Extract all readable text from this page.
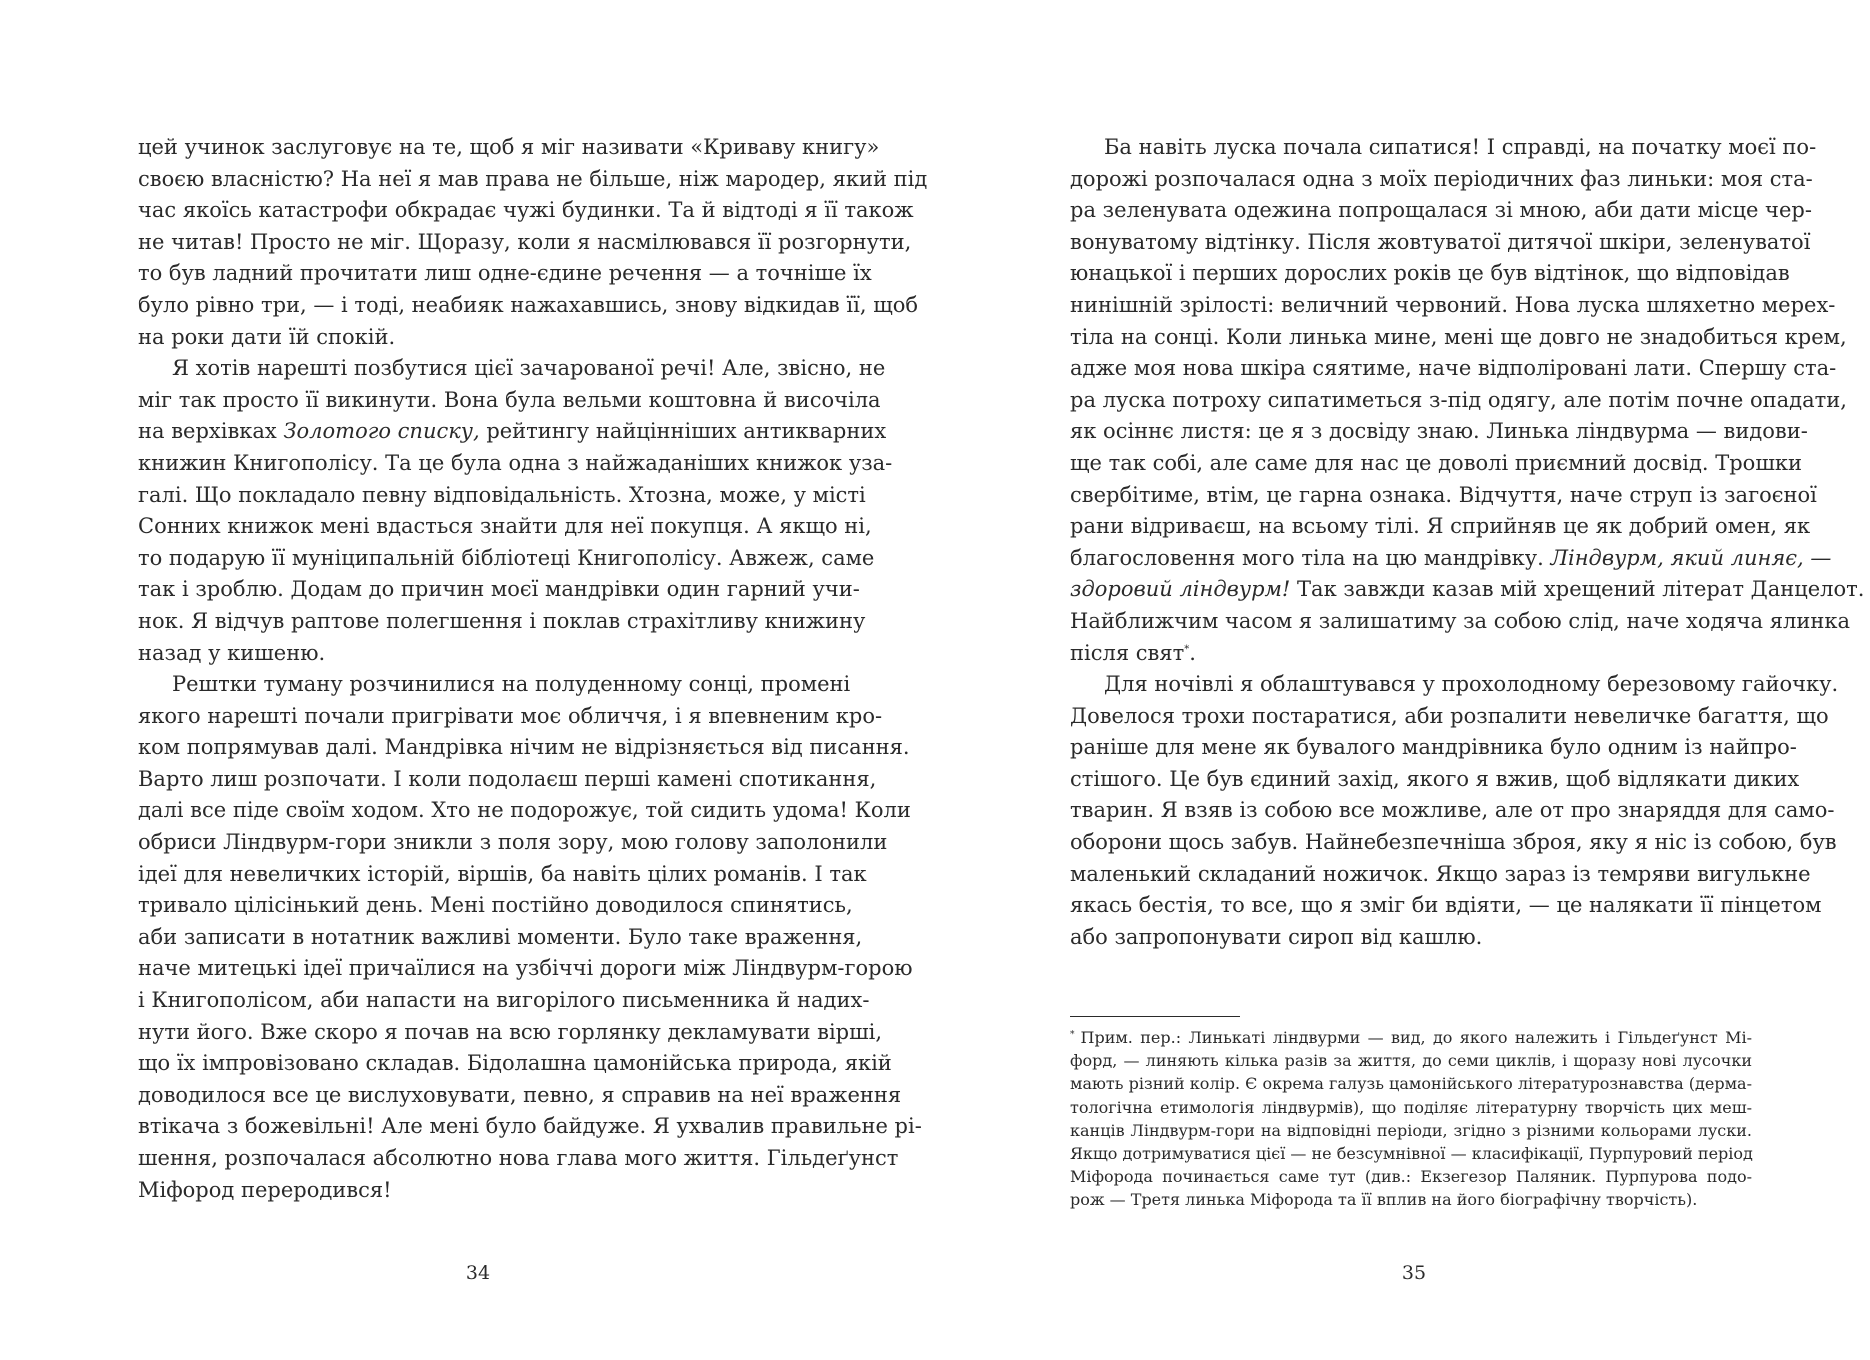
цей учинок заслуговує на те, щоб я міг називати «Криваву книгу»
своєю власністю? На неї я мав права не більше, ніж мародер, який під
час якоїсь катастрофи обкрадає чужі будинки. Та й відтоді я її також
не читав! Просто не міг. Щоразу, коли я насмілювався її розгорнути,
то був ладний прочитати лиш одне-єдине речення — а точніше їх
було рівно три, — і тоді, неабияк нажахавшись, знову відкидав її, щоб
на роки дати їй спокій.

Я хотів нарешті позбутися цієї зачарованої речі! Але, звісно, не
міг так просто її викинути. Вона була вельми коштовна й височіла
на верхівках Золотого списку, рейтингу найцінніших антикварних
книжин Книгополісу. Та це була одна з найжаданіших книжок уза-
галі. Що покладало певну відповідальність. Хтозна, може, у місті
Сонних книжок мені вдасться знайти для неї покупця. А якщо ні,
то подарую її муніципальній бібліотеці Книгополісу. Авжеж, саме
так і зроблю. Додам до причин моєї мандрівки один гарний учи-
нок. Я відчув раптове полегшення і поклав страхітливу книжину
назад у кишеню.

Рештки туману розчинилися на полуденному сонці, промені
якого нарешті почали пригрівати моє обличчя, і я впевненим кро-
ком попрямував далі. Мандрівка нічим не відрізняється від писання.
Варто лиш розпочати. І коли подолаєш перші камені спотикання,
далі все піде своїм ходом. Хто не подорожує, той сидить удома! Коли
обриси Ліндвурм-гори зникли з поля зору, мою голову заполонили
ідеї для невеличких історій, віршів, ба навіть цілих романів. І так
тривало цілісінький день. Мені постійно доводилося спинятись,
аби записати в нотатник важливі моменти. Було таке враження,
наче митецькі ідеї причаїлися на узбіччі дороги між Ліндвурм-горою
і Книгополісом, аби напасти на вигорілого письменника й надих-
нути його. Вже скоро я почав на всю горлянку декламувати вірші,
що їх імпровізовано складав. Бідолашна цамонійська природа, якій
доводилося все це вислуховувати, певно, я справив на неї враження
втікача з божевільні! Але мені було байдуже. Я ухвалив правильне рі-
шення, розпочалася абсолютно нова глава мого життя. Гільдеґунст
Міфород переродився!

Ба навіть луска почала сипатися! І справді, на початку моєї по-
дорожі розпочалася одна з моїх періодичних фаз линьки: моя ста-
ра зеленувата одежина попрощалася зі мною, аби дати місце чер-
вонуватому відтінку. Після жовтуватої дитячої шкіри, зеленуватої
юнацької і перших дорослих років це був відтінок, що відповідав
нинішній зрілості: величний червоний. Нова луска шляхетно мерех-
тіла на сонці. Коли линька мине, мені ще довго не знадобиться крем,
адже моя нова шкіра сяятиме, наче відполіровані лати. Спершу ста-
ра луска потроху сипатиметься з-під одягу, але потім почне опадати,
як осіннє листя: це я з досвіду знаю. Линька ліндвурма — видови-
ще так собі, але саме для нас це доволі приємний досвід. Трошки
свербітиме, втім, це гарна ознака. Відчуття, наче струп із загоєної
рани відриваєш, на всьому тілі. Я сприйняв це як добрий омен, як
благословення мого тіла на цю мандрівку. Ліндвурм, який линяє, —
здоровий ліндвурм! Так завжди казав мій хрещений літерат Данцелот.
Найближчим часом я залишатиму за собою слід, наче ходяча ялинка
після свят*.

Для ночівлі я облаштувався у прохолодному березовому гайочку.
Довелося трохи постаратися, аби розпалити невеличке багаття, що
раніше для мене як бувалого мандрівника було одним із найпро-
стішого. Це був єдиний захід, якого я вжив, щоб відлякати диких
тварин. Я взяв із собою все можливе, але от про знаряддя для само-
оборони щось забув. Найнебезпечніша зброя, яку я ніс із собою, був
маленький складаний ножичок. Якщо зараз із темряви вигулькне
якась бестія, то все, що я зміг би вдіяти, — це налякати її пінцетом
або запропонувати сироп від кашлю.

* Прим. пер.: Линькаті ліндвурми — вид, до якого належить і Гільдеґунст Мі-
форд, — линяють кілька разів за життя, до семи циклів, і щоразу нові лусочки
мають різний колір. Є окрема галузь цамонійського літературознавства (дерма-
тологічна етимологія ліндвурмів), що поділяє літературну творчість цих меш-
канців Ліндвурм-гори на відповідні періоди, згідно з різними кольорами луски.
Якщо дотримуватися цієї — не безсумнівної — класифікації, Пурпуровий період
Міфорода починається саме тут (див.: Екзегезор Паляник. Пурпурова подо-
рож — Третя линька Міфорода та її вплив на його біографічну творчість).
34	35
